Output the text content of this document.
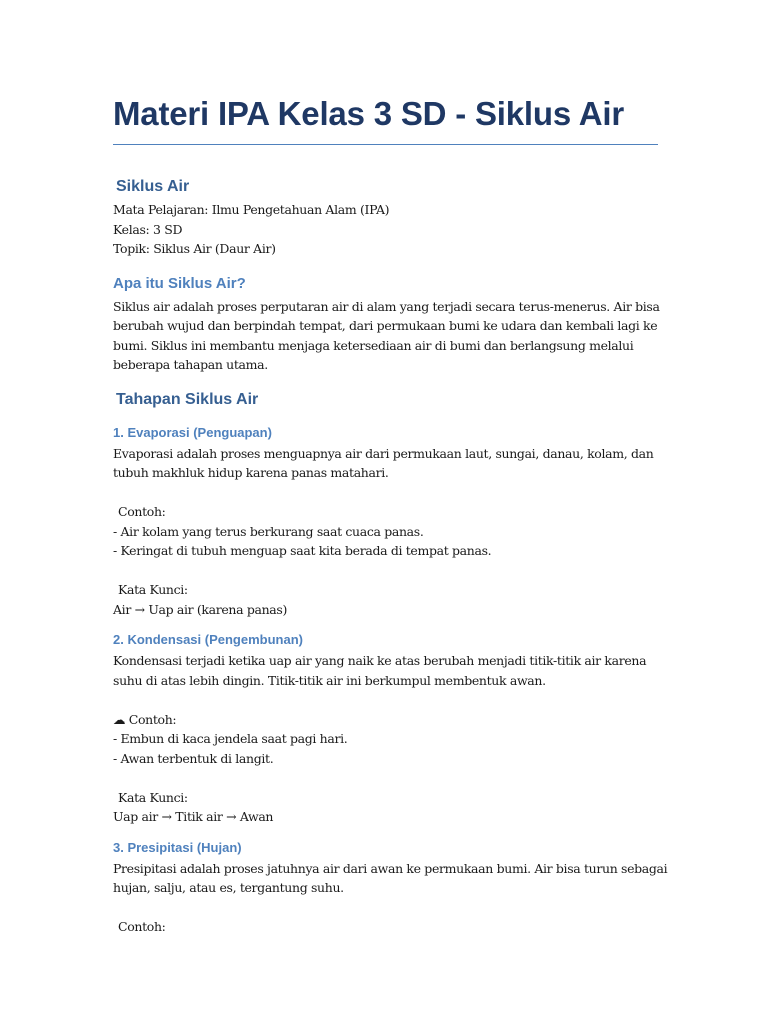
Materi IPA Kelas 3 SD - Siklus Air
Siklus Air

Mata Pelajaran: Ilmu Pengetahuan Alam (IPA)

Kelas: 3 SD

Topik: Siklus Air (Daur Air)

Apa itu Siklus Air?

Siklus air adalah proses perputaran air di alam yang terjadi secara terus-menerus. Air bisa

berubah wujud dan berpindah tempat, dari permukaan bumi ke udara dan kembali lagi ke

bumi. Siklus ini membantu menjaga ketersediaan air di bumi dan berlangsung melalui

beberapa tahapan utama.

Tahapan Siklus Air
1. Evaporasi (Penguapan)

Evaporasi adalah proses menguapnya air dari permukaan laut, sungai, danau, kolam, dan

tubuh makhluk hidup karena panas matahari.

Contoh:

- Air kolam yang terus berkurang saat cuaca panas.

- Keringat di tubuh menguap saat kita berada di tempat panas.

Kata Kunci:

Air → Uap air (karena panas)

2. Kondensasi (Pengembunan)

Kondensasi terjadi ketika uap air yang naik ke atas berubah menjadi titik-titik air karena

suhu di atas lebih dingin. Titik-titik air ini berkumpul membentuk awan.

☁ Contoh:

- Embun di kaca jendela saat pagi hari.

- Awan terbentuk di langit.

Kata Kunci:

Uap air → Titik air → Awan

3. Presipitasi (Hujan)

Presipitasi adalah proses jatuhnya air dari awan ke permukaan bumi. Air bisa turun sebagai

hujan, salju, atau es, tergantung suhu.

Contoh:
